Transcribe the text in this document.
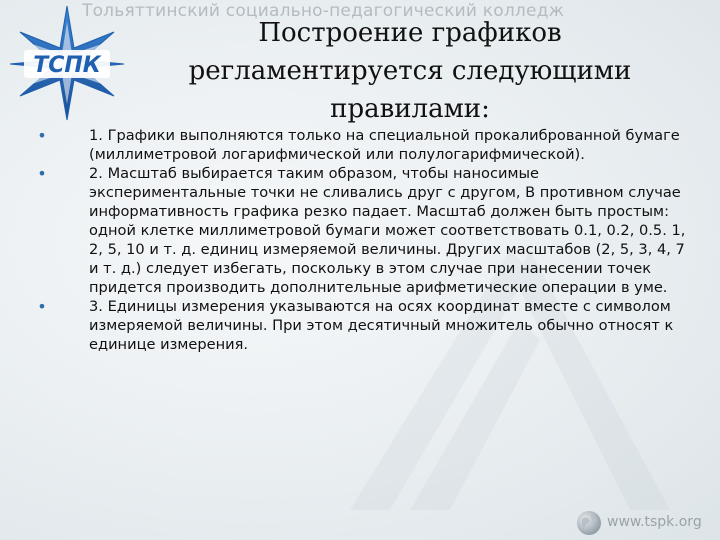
ТСПК
Тольяттинский социально-педагогический колледж
Построение графиков
регламентируется следующими
правилами:
•	1. Графики выполняются только на специальной прокалиброванной бумаге (миллиметровой логарифмической или полулогарифмической).
•	2. Масштаб выбирается таким образом, чтобы наносимые экспериментальные точки не сливались друг с другом, В противном случае информативность графика резко падает. Масштаб должен быть простым: одной клетке миллиметровой бумаги может соответствовать 0.1, 0.2, 0.5. 1, 2, 5, 10 и т. д. единиц измеряемой величины. Других масштабов (2, 5, 3, 4, 7 и т. д.) следует избегать, поскольку в этом случае при нанесении точек придется производить дополнительные арифметические операции в уме.
•	3. Единицы измерения указываются на осях координат вместе с символом измеряемой величины. При этом десятичный множитель обычно относят к единице измерения.
www.tspk.org
